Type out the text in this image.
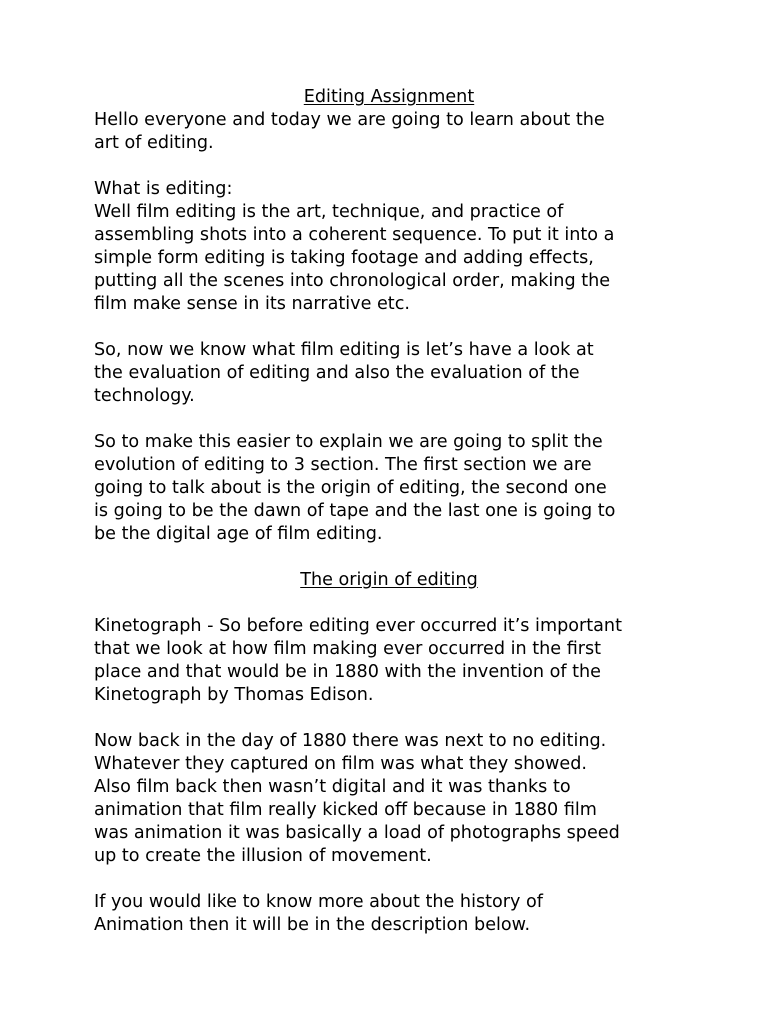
Editing Assignment

Hello everyone and today we are going to learn about the
art of editing.

What is editing:

Well film editing is the art, technique, and practice of
assembling shots into a coherent sequence. To put it into a
simple form editing is taking footage and adding effects,
putting all the scenes into chronological order, making the
film make sense in its narrative etc.

So, now we know what film editing is let’s have a look at
the evaluation of editing and also the evaluation of the
technology.

So to make this easier to explain we are going to split the
evolution of editing to 3 section. The first section we are
going to talk about is the origin of editing, the second one
is going to be the dawn of tape and the last one is going to
be the digital age of film editing.

The origin of editing

Kinetograph - So before editing ever occurred it’s important
that we look at how film making ever occurred in the first
place and that would be in 1880 with the invention of the
Kinetograph by Thomas Edison.

Now back in the day of 1880 there was next to no editing.
Whatever they captured on film was what they showed.
Also film back then wasn’t digital and it was thanks to
animation that film really kicked off because in 1880 film
was animation it was basically a load of photographs speed
up to create the illusion of movement.

If you would like to know more about the history of
Animation then it will be in the description below.
